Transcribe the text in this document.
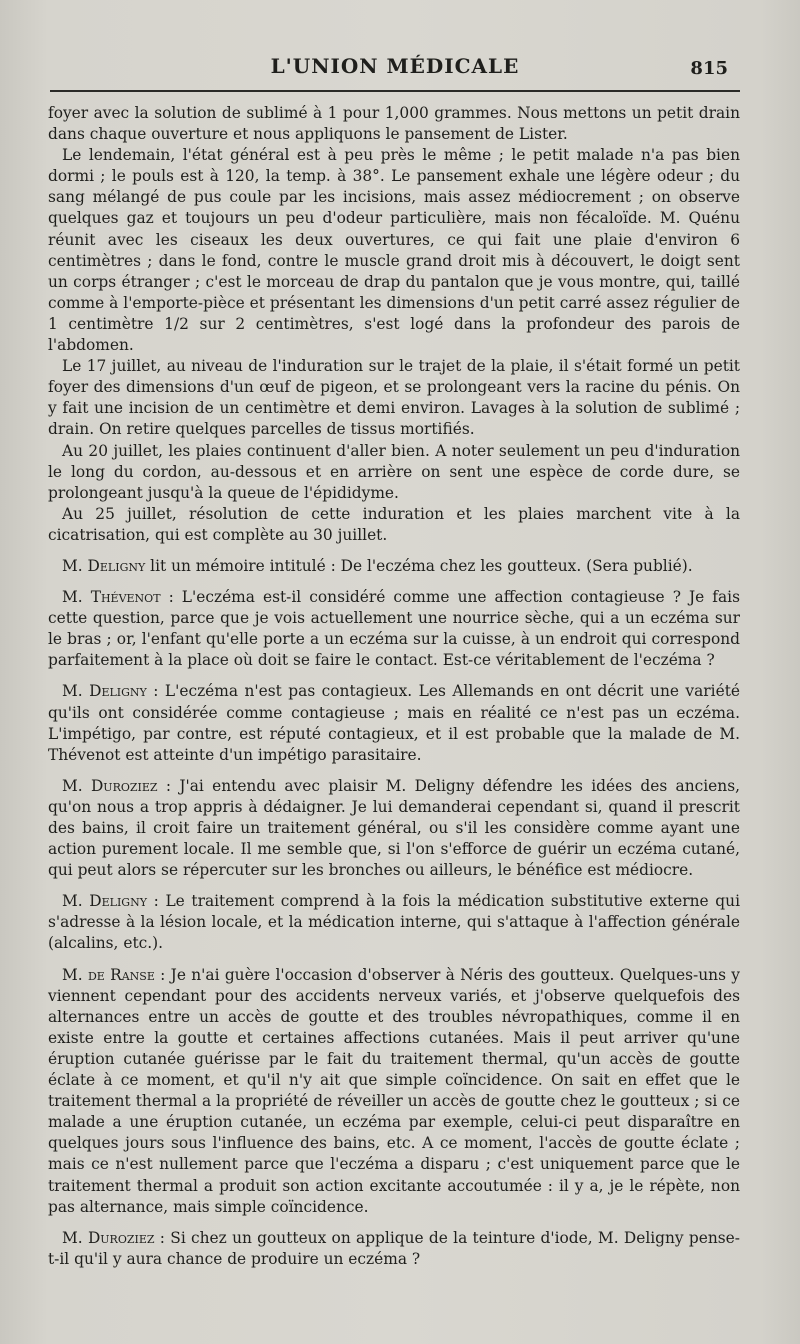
L'UNION MÉDICALE	815

foyer avec la solution de sublimé à 1 pour 1,000 grammes. Nous mettons un petit drain dans chaque ouverture et nous appliquons le pansement de Lister.

Le lendemain, l'état général est à peu près le même ; le petit malade n'a pas bien dormi ; le pouls est à 120, la temp. à 38°. Le pansement exhale une légère odeur ; du sang mélangé de pus coule par les incisions, mais assez médiocrement ; on observe quelques gaz et toujours un peu d'odeur particulière, mais non fécaloïde. M. Quénu réunit avec les ciseaux les deux ouvertures, ce qui fait une plaie d'environ 6 centimètres ; dans le fond, contre le muscle grand droit mis à découvert, le doigt sent un corps étranger ; c'est le morceau de drap du pantalon que je vous montre, qui, taillé comme à l'emporte-pièce et présentant les dimensions d'un petit carré assez régulier de 1 centimètre 1/2 sur 2 centimètres, s'est logé dans la profondeur des parois de l'abdomen.

Le 17 juillet, au niveau de l'induration sur le trajet de la plaie, il s'était formé un petit foyer des dimensions d'un œuf de pigeon, et se prolongeant vers la racine du pénis. On y fait une incision de un centimètre et demi environ. Lavages à la solution de sublimé ; drain. On retire quelques parcelles de tissus mortifiés.

Au 20 juillet, les plaies continuent d'aller bien. A noter seulement un peu d'induration le long du cordon, au-dessous et en arrière on sent une espèce de corde dure, se prolongeant jusqu'à la queue de l'épididyme.

Au 25 juillet, résolution de cette induration et les plaies marchent vite à la cicatrisation, qui est complète au 30 juillet.

M. Deligny lit un mémoire intitulé : De l'eczéma chez les goutteux. (Sera publié).

M. Thévenot : L'eczéma est-il considéré comme une affection contagieuse ? Je fais cette question, parce que je vois actuellement une nourrice sèche, qui a un eczéma sur le bras ; or, l'enfant qu'elle porte a un eczéma sur la cuisse, à un endroit qui correspond parfaitement à la place où doit se faire le contact. Est-ce véritablement de l'eczéma ?

M. Deligny : L'eczéma n'est pas contagieux. Les Allemands en ont décrit une variété qu'ils ont considérée comme contagieuse ; mais en réalité ce n'est pas un eczéma. L'impétigo, par contre, est réputé contagieux, et il est probable que la malade de M. Thévenot est atteinte d'un impétigo parasitaire.

M. Duroziez : J'ai entendu avec plaisir M. Deligny défendre les idées des anciens, qu'on nous a trop appris à dédaigner. Je lui demanderai cependant si, quand il prescrit des bains, il croit faire un traitement général, ou s'il les considère comme ayant une action purement locale. Il me semble que, si l'on s'efforce de guérir un eczéma cutané, qui peut alors se répercuter sur les bronches ou ailleurs, le bénéfice est médiocre.

M. Deligny : Le traitement comprend à la fois la médication substitutive externe qui s'adresse à la lésion locale, et la médication interne, qui s'attaque à l'affection générale (alcalins, etc.).

M. de Ranse : Je n'ai guère l'occasion d'observer à Néris des goutteux. Quelques-uns y viennent cependant pour des accidents nerveux variés, et j'observe quelquefois des alternances entre un accès de goutte et des troubles névropathiques, comme il en existe entre la goutte et certaines affections cutanées. Mais il peut arriver qu'une éruption cutanée guérisse par le fait du traitement thermal, qu'un accès de goutte éclate à ce moment, et qu'il n'y ait que simple coïncidence. On sait en effet que le traitement thermal a la propriété de réveiller un accès de goutte chez le goutteux ; si ce malade a une éruption cutanée, un eczéma par exemple, celui-ci peut disparaître en quelques jours sous l'influence des bains, etc. A ce moment, l'accès de goutte éclate ; mais ce n'est nullement parce que l'eczéma a disparu ; c'est uniquement parce que le traitement thermal a produit son action excitante accoutumée : il y a, je le répète, non pas alternance, mais simple coïncidence.

M. Duroziez : Si chez un goutteux on applique de la teinture d'iode, M. Deligny pense-t-il qu'il y aura chance de produire un eczéma ?
